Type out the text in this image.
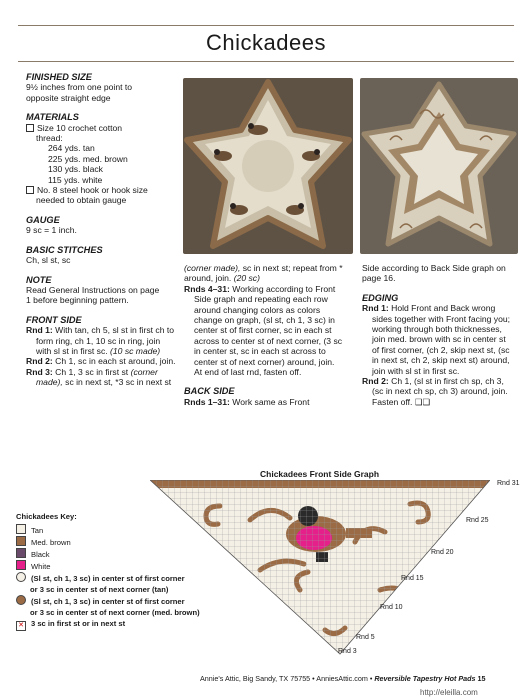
Chickadees
FINISHED SIZE
9½ inches from one point to
opposite straight edge
MATERIALS
Size 10 crochet cotton
thread:
264 yds. tan
225 yds. med. brown
130 yds. black
115 yds. white
No. 8 steel hook or hook size
needed to obtain gauge
GAUGE
9 sc = 1 inch.
BASIC STITCHES
Ch, sl st, sc
NOTE
Read General Instructions on page
1 before beginning pattern.
FRONT SIDE
Rnd 1: With tan, ch 5, sl st in first ch to form ring, ch 1, 10 sc in ring, join with sl st in first sc. (10 sc made)
Rnd 2: Ch 1, sc in each st around, join.
Rnd 3: Ch 1, 3 sc in first st (corner made), sc in next st, *3 sc in next st
(corner made), sc in next st; repeat from * around, join. (20 sc)
Rnds 4–31: Working according to Front Side graph and repeating each row around changing colors as colors change on graph, (sl st, ch 1, 3 sc) in center st of first corner, sc in each st across to center st of next corner, (3 sc in center st, sc in each st across to center st of next corner) around, join. At end of last rnd, fasten off.
BACK SIDE
Rnds 1–31: Work same as Front
Side according to Back Side graph on page 16.
EDGING
Rnd 1: Hold Front and Back wrong sides together with Front facing you; working through both thicknesses, join med. brown with sc in center st of first corner, (ch 2, skip next st, (sc in next st, ch 2, skip next st) around, join with sl st in first sc.
Rnd 2: Ch 1, (sl st in first ch sp, ch 3, (sc in next ch sp, ch 3) around, join. Fasten off. ❑❑
Chickadees Front Side Graph
Rnd 31
Rnd 25
Rnd 20
Rnd 15
Rnd 10
Rnd 5
Rnd 3
Chickadees Key:
Tan
Med. brown
Black
White
(Sl st, ch 1, 3 sc) in center st of first corner
or 3 sc in center st of next corner (tan)
(Sl st, ch 1, 3 sc) in center st of first corner
or 3 sc in center st of next corner (med. brown)
✕ 3 sc in first st or in next st
Annie's Attic, Big Sandy, TX 75755 • AnniesAttic.com • Reversible Tapestry Hot Pads 15
http://eleilla.com
